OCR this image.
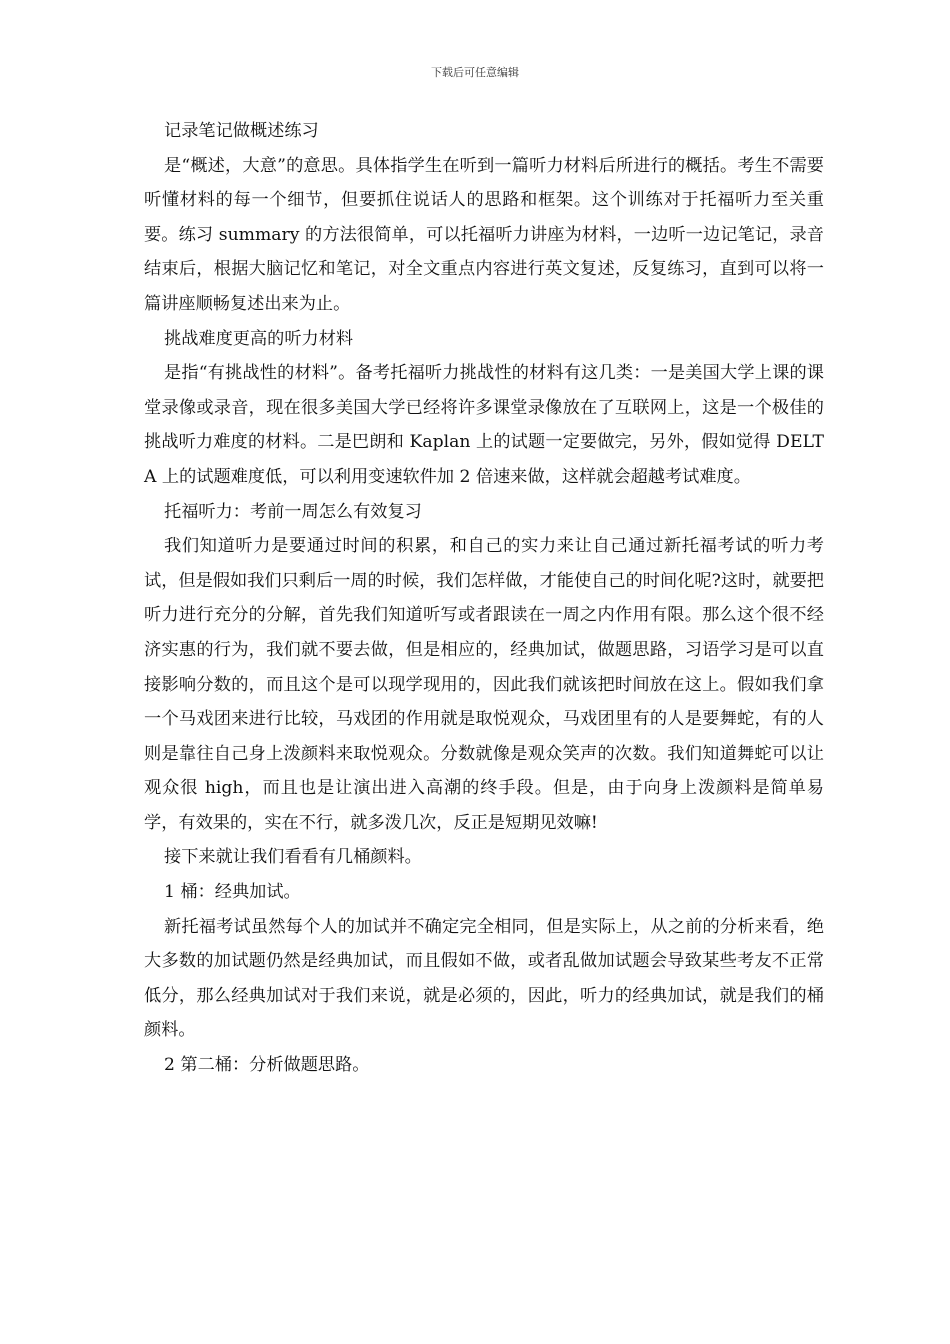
下载后可任意编辑

记录笔记做概述练习

是“概述，大意”的意思。具体指学生在听到一篇听力材料后所进行的概括。考生不需要听懂材料的每一个细节，但要抓住说话人的思路和框架。这个训练对于托福听力至关重要。练习 summary 的方法很简单，可以托福听力讲座为材料，一边听一边记笔记，录音结束后，根据大脑记忆和笔记，对全文重点内容进行英文复述，反复练习，直到可以将一篇讲座顺畅复述出来为止。

挑战难度更高的听力材料

是指“有挑战性的材料”。备考托福听力挑战性的材料有这几类：一是美国大学上课的课堂录像或录音，现在很多美国大学已经将许多课堂录像放在了互联网上，这是一个极佳的挑战听力难度的材料。二是巴朗和 Kaplan 上的试题一定要做完，另外，假如觉得 DELTA 上的试题难度低，可以利用变速软件加 2 倍速来做，这样就会超越考试难度。

托福听力：考前一周怎么有效复习

我们知道听力是要通过时间的积累，和自己的实力来让自己通过新托福考试的听力考试，但是假如我们只剩后一周的时候，我们怎样做，才能使自己的时间化呢?这时，就要把听力进行充分的分解，首先我们知道听写或者跟读在一周之内作用有限。那么这个很不经济实惠的行为，我们就不要去做，但是相应的，经典加试，做题思路，习语学习是可以直接影响分数的，而且这个是可以现学现用的，因此我们就该把时间放在这上。假如我们拿一个马戏团来进行比较，马戏团的作用就是取悦观众，马戏团里有的人是要舞蛇，有的人则是靠往自己身上泼颜料来取悦观众。分数就像是观众笑声的次数。我们知道舞蛇可以让观众很 high，而且也是让演出进入高潮的终手段。但是，由于向身上泼颜料是简单易学，有效果的，实在不行，就多泼几次，反正是短期见效嘛!

接下来就让我们看看有几桶颜料。

1 桶：经典加试。

新托福考试虽然每个人的加试并不确定完全相同，但是实际上，从之前的分析来看，绝大多数的加试题仍然是经典加试，而且假如不做，或者乱做加试题会导致某些考友不正常低分，那么经典加试对于我们来说，就是必须的，因此，听力的经典加试，就是我们的桶颜料。

2 第二桶：分析做题思路。
